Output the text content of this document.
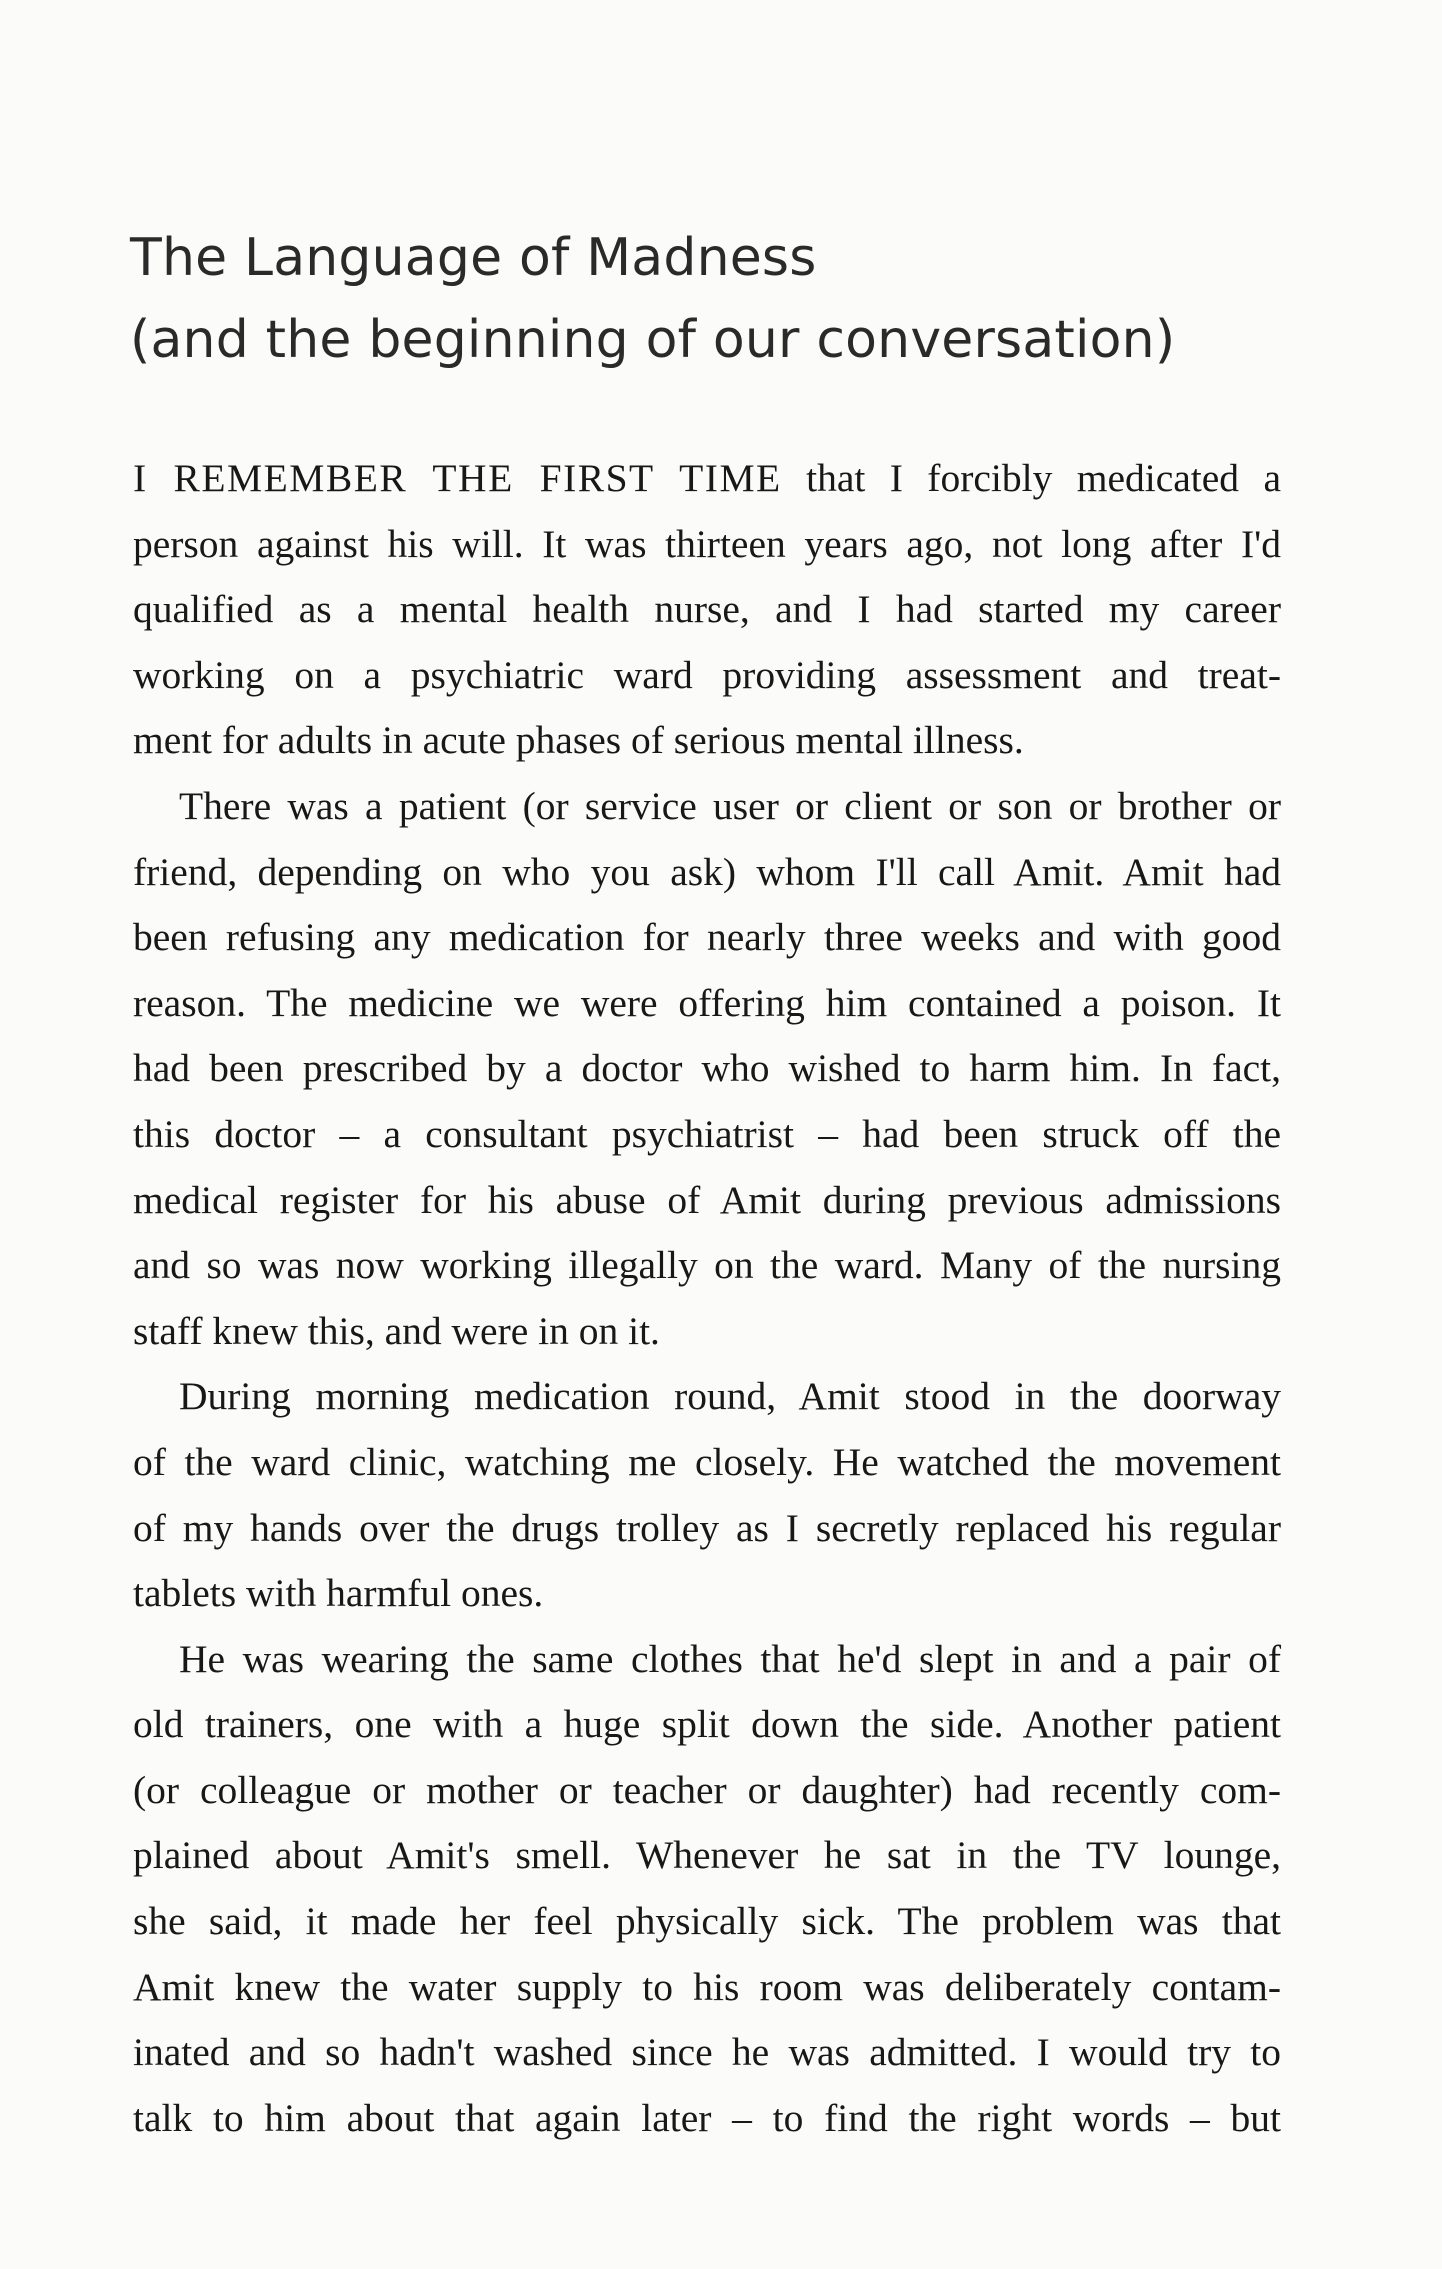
The Language of Madness
(and the beginning of our conversation)

I REMEMBER THE FIRST TIME that I forcibly medicated a

person against his will. It was thirteen years ago, not long after I'd

qualified as a mental health nurse, and I had started my career

working on a psychiatric ward providing assessment and treat-

ment for adults in acute phases of serious mental illness.

There was a patient (or service user or client or son or brother or

friend, depending on who you ask) whom I'll call Amit. Amit had

been refusing any medication for nearly three weeks and with good

reason. The medicine we were offering him contained a poison. It

had been prescribed by a doctor who wished to harm him. In fact,

this doctor – a consultant psychiatrist – had been struck off the

medical register for his abuse of Amit during previous admissions

and so was now working illegally on the ward. Many of the nursing

staff knew this, and were in on it.

During morning medication round, Amit stood in the doorway

of the ward clinic, watching me closely. He watched the movement

of my hands over the drugs trolley as I secretly replaced his regular

tablets with harmful ones.

He was wearing the same clothes that he'd slept in and a pair of

old trainers, one with a huge split down the side. Another patient

(or colleague or mother or teacher or daughter) had recently com-

plained about Amit's smell. Whenever he sat in the TV lounge,

she said, it made her feel physically sick. The problem was that

Amit knew the water supply to his room was deliberately contam-

inated and so hadn't washed since he was admitted. I would try to

talk to him about that again later – to find the right words – but
